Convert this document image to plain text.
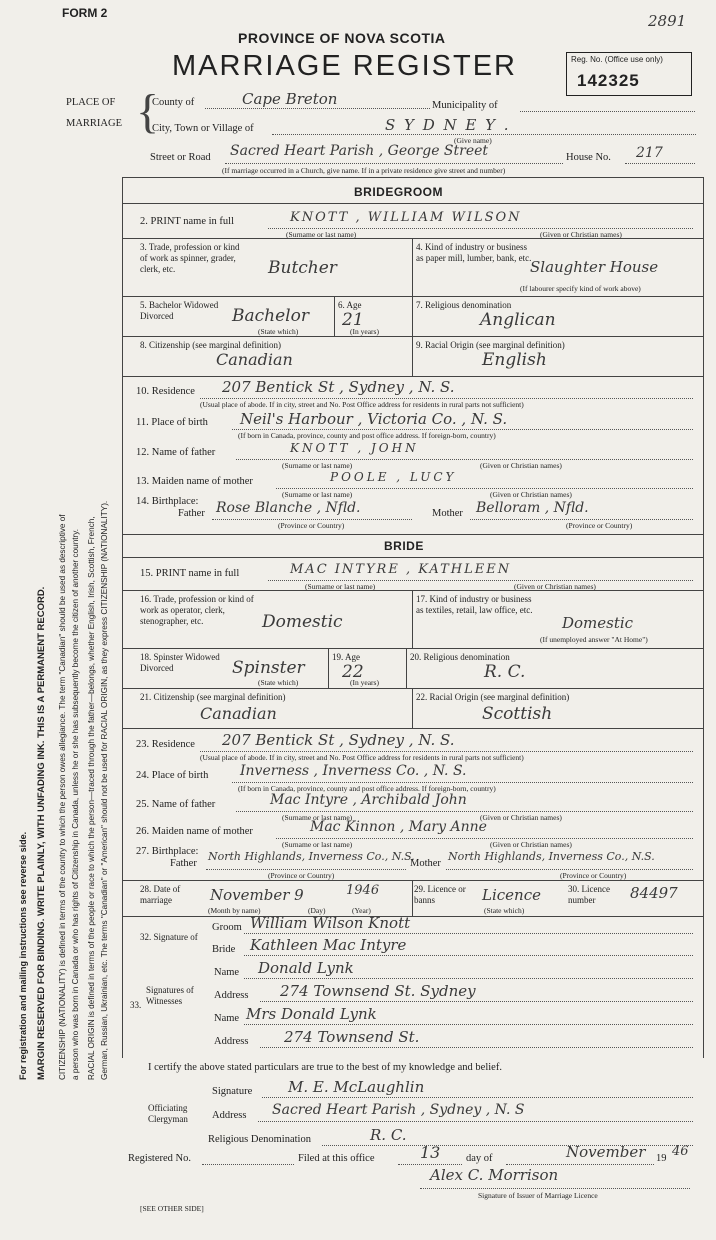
For registration and mailing instructions see reverse side. MARGIN RESERVED FOR BINDING. WRITE PLAINLY, WITH UNFADING INK. THIS IS A PERMANENT RECORD. CITIZENSHIP (NATIONALITY) is defined in terms of the country to which the person owes allegiance. The term "Canadian" should be used as descriptive of a person who was born in Canada or who has rights of Citizenship in Canada, unless he or she has subsequently become the citizen of another country. RACIAL ORIGIN is defined in terms of the people or race to which the person—traced through the father—belongs, whether English, Irish, Scottish, French, German, Russian, Ukrainian, etc. The terms "Canadian" or "American" should not be used for RACIAL ORIGIN, as they express CITIZENSHIP (NATIONALITY).
FORM 2	2891
PROVINCE OF NOVA SCOTIA
MARRIAGE REGISTER	Reg. No. (Office use only)
142325
PLACE OF
MARRIAGE {
County of	Cape Breton	Municipality of
City, Town or Village of	S Y D N E Y .
(Give name)
Street or Road Sacred Heart Parish , George Street	House No. 217
(If marriage occurred in a Church, give name. If in a private residence give street and number)
BRIDEGROOM
2. PRINT name in full	KNOTT , WILLIAM WILSON
(Surname or last name)	(Given or Christian names)
3. Trade, profession or kind of work as spinner, grader, clerk, etc.	Butcher
4. Kind of industry or business as paper mill, lumber, bank, etc.
Slaughter House
(If labourer specify kind of work above)
5. Bachelor Widowed Divorced	Bachelor
(State which)
6. Age
21
(In years)
7. Religious denomination
Anglican
8. Citizenship (see marginal definition)
Canadian
9. Racial Origin (see marginal definition)
English
10. Residence 207 Bentick St , Sydney , N. S.
(Usual place of abode. If in city, street and No. Post Office address for residents in rural parts not sufficient)
11. Place of birth Neil's Harbour , Victoria Co. , N. S.
(If born in Canada, province, county and post office address. If foreign-born, country)
12. Name of father	KNOTT , JOHN
(Surname or last name)	(Given or Christian names)
13. Maiden name of mother	POOLE , LUCY
(Surname or last name)	(Given or Christian names)
14. Birthplace:
Father Rose Blanche , Nfld.
(Province or Country)
Mother Belloram , Nfld.
(Province or Country)
BRIDE
15. PRINT name in full	MAC INTYRE , KATHLEEN
(Surname or last name)	(Given or Christian names)
16. Trade, profession or kind of work as operator, clerk, stenographer, etc.	Domestic
17. Kind of industry or business as textiles, retail, law office, etc.
Domestic
(If unemployed answer "At Home")
18. Spinster Widowed Divorced	Spinster
(State which)
19. Age
22
(In years)
20. Religious denomination
R. C.
21. Citizenship (see marginal definition)
Canadian
22. Racial Origin (see marginal definition)
Scottish
23. Residence 207 Bentick St , Sydney , N. S.
(Usual place of abode. If in city, street and No. Post Office address for residents in rural parts not sufficient)
24. Place of birth Inverness , Inverness Co. , N. S.
(If born in Canada, province, county and post office address. If foreign-born, country)
25. Name of father	Mac Intyre , Archibald John
(Surname or last name)	(Given or Christian names)
26. Maiden name of mother	Mac Kinnon , Mary Anne
(Surname or last name)	(Given or Christian names)
27. Birthplace:
Father
North Highlands, Inverness Co., N.S.
(Province or Country)
Mother
North Highlands, Inverness Co., N.S.
(Province or Country)
28. Date of marriage	November 9	1946
(Month by name)	(Day)	(Year)
29. Licence or banns	Licence
(State which)
30. Licence number	84497
32. Signature of
Groom William Wilson Knott
Bride Kathleen Mac Intyre
33.
Signatures of Witnesses
Name Donald Lynk
Address 274 Townsend St. Sydney
Name Mrs Donald Lynk
Address 274 Townsend St.
I certify the above stated particulars are true to the best of my knowledge and belief.
Signature M. E. McLaughlin
Officiating Clergyman	Address Sacred Heart Parish , Sydney , N. S
Religious Denomination	R. C.
Registered No.	Filed at this office	13 day of	November 19 46
Alex C. Morrison
Signature of Issuer of Marriage Licence
[SEE OTHER SIDE]
